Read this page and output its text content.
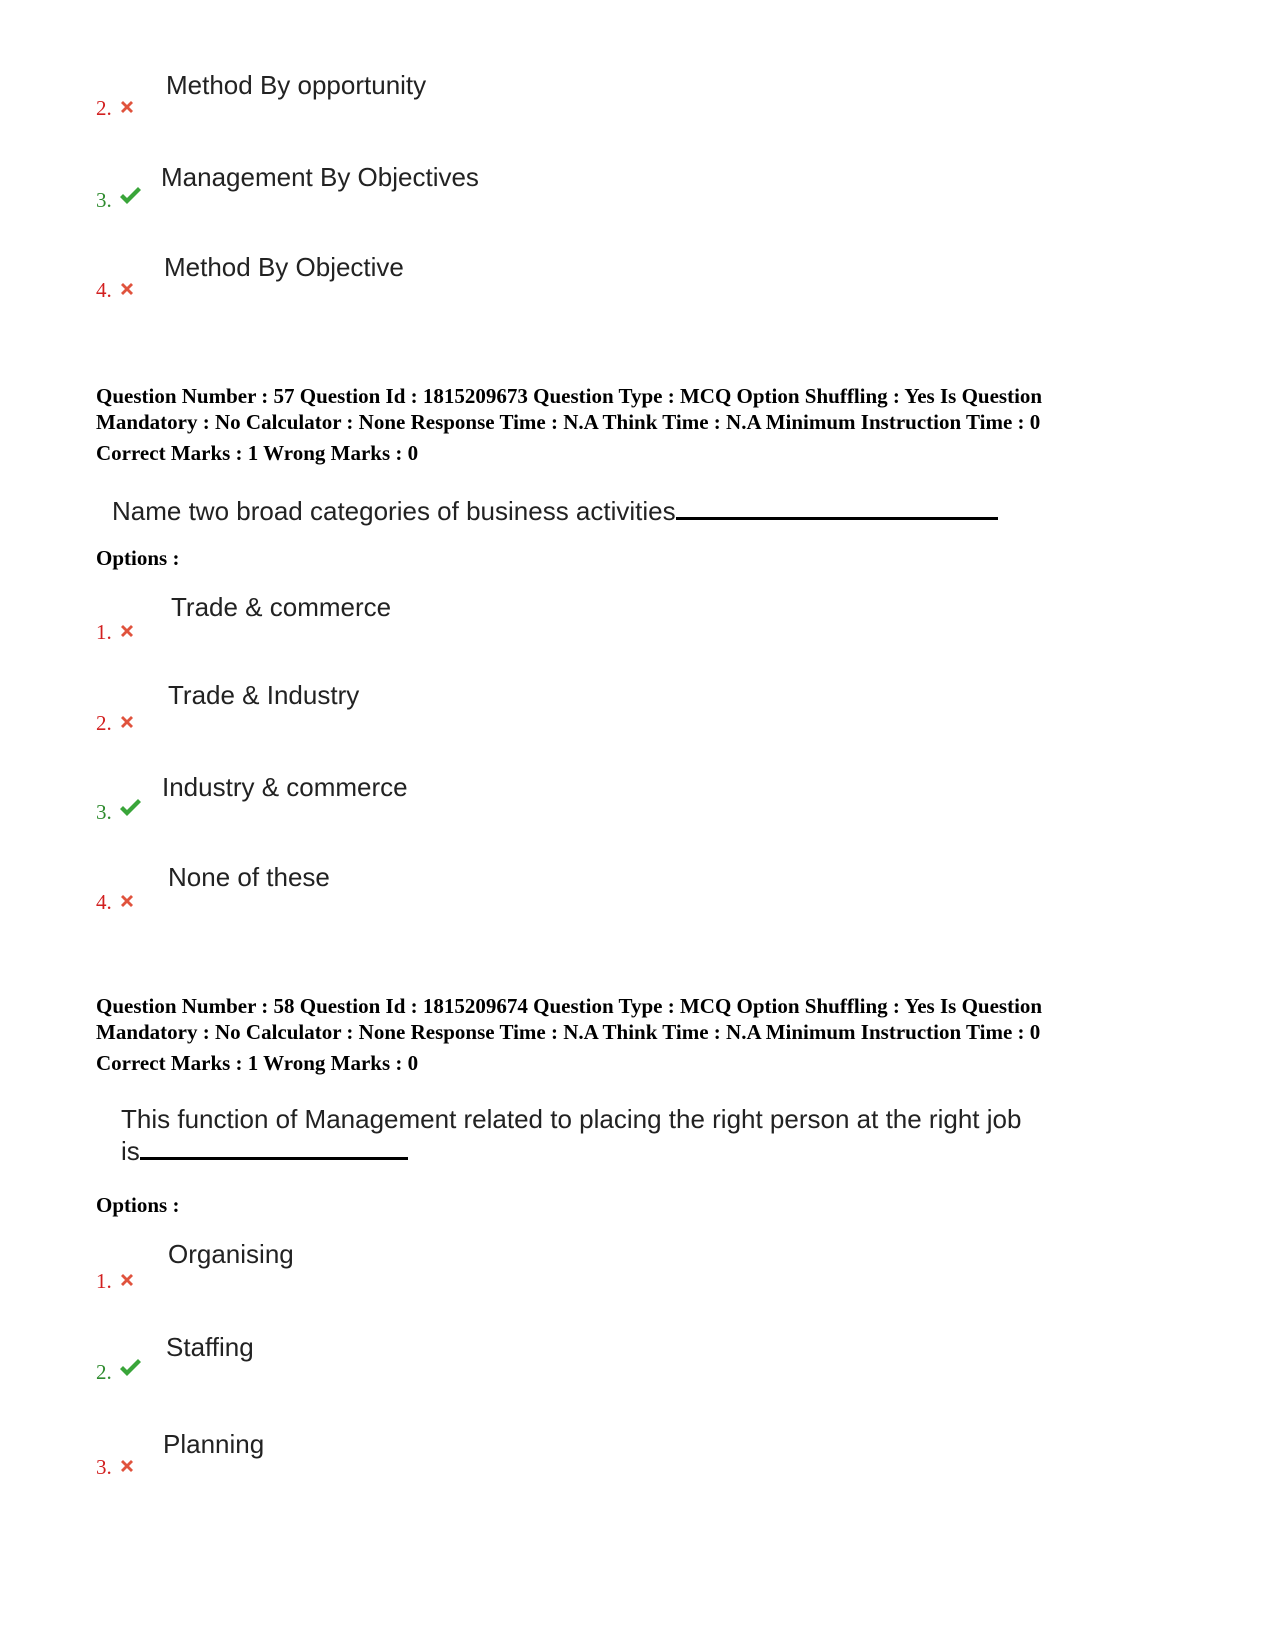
Method By opportunity
2.
Management By Objectives
3.
Method By Objective
4.
Question Number : 57 Question Id : 1815209673 Question Type : MCQ Option Shuffling : Yes Is Question
Mandatory : No Calculator : None Response Time : N.A Think Time : N.A Minimum Instruction Time : 0
Correct Marks : 1 Wrong Marks : 0
Name two broad categories of business activities
Options :
Trade & commerce
1.
Trade & Industry
2.
Industry & commerce
3.
None of these
4.
Question Number : 58 Question Id : 1815209674 Question Type : MCQ Option Shuffling : Yes Is Question
Mandatory : No Calculator : None Response Time : N.A Think Time : N.A Minimum Instruction Time : 0
Correct Marks : 1 Wrong Marks : 0
This function of Management related to placing the right person at the right job
is
Options :
Organising
1.
Staffing
2.
Planning
3.
